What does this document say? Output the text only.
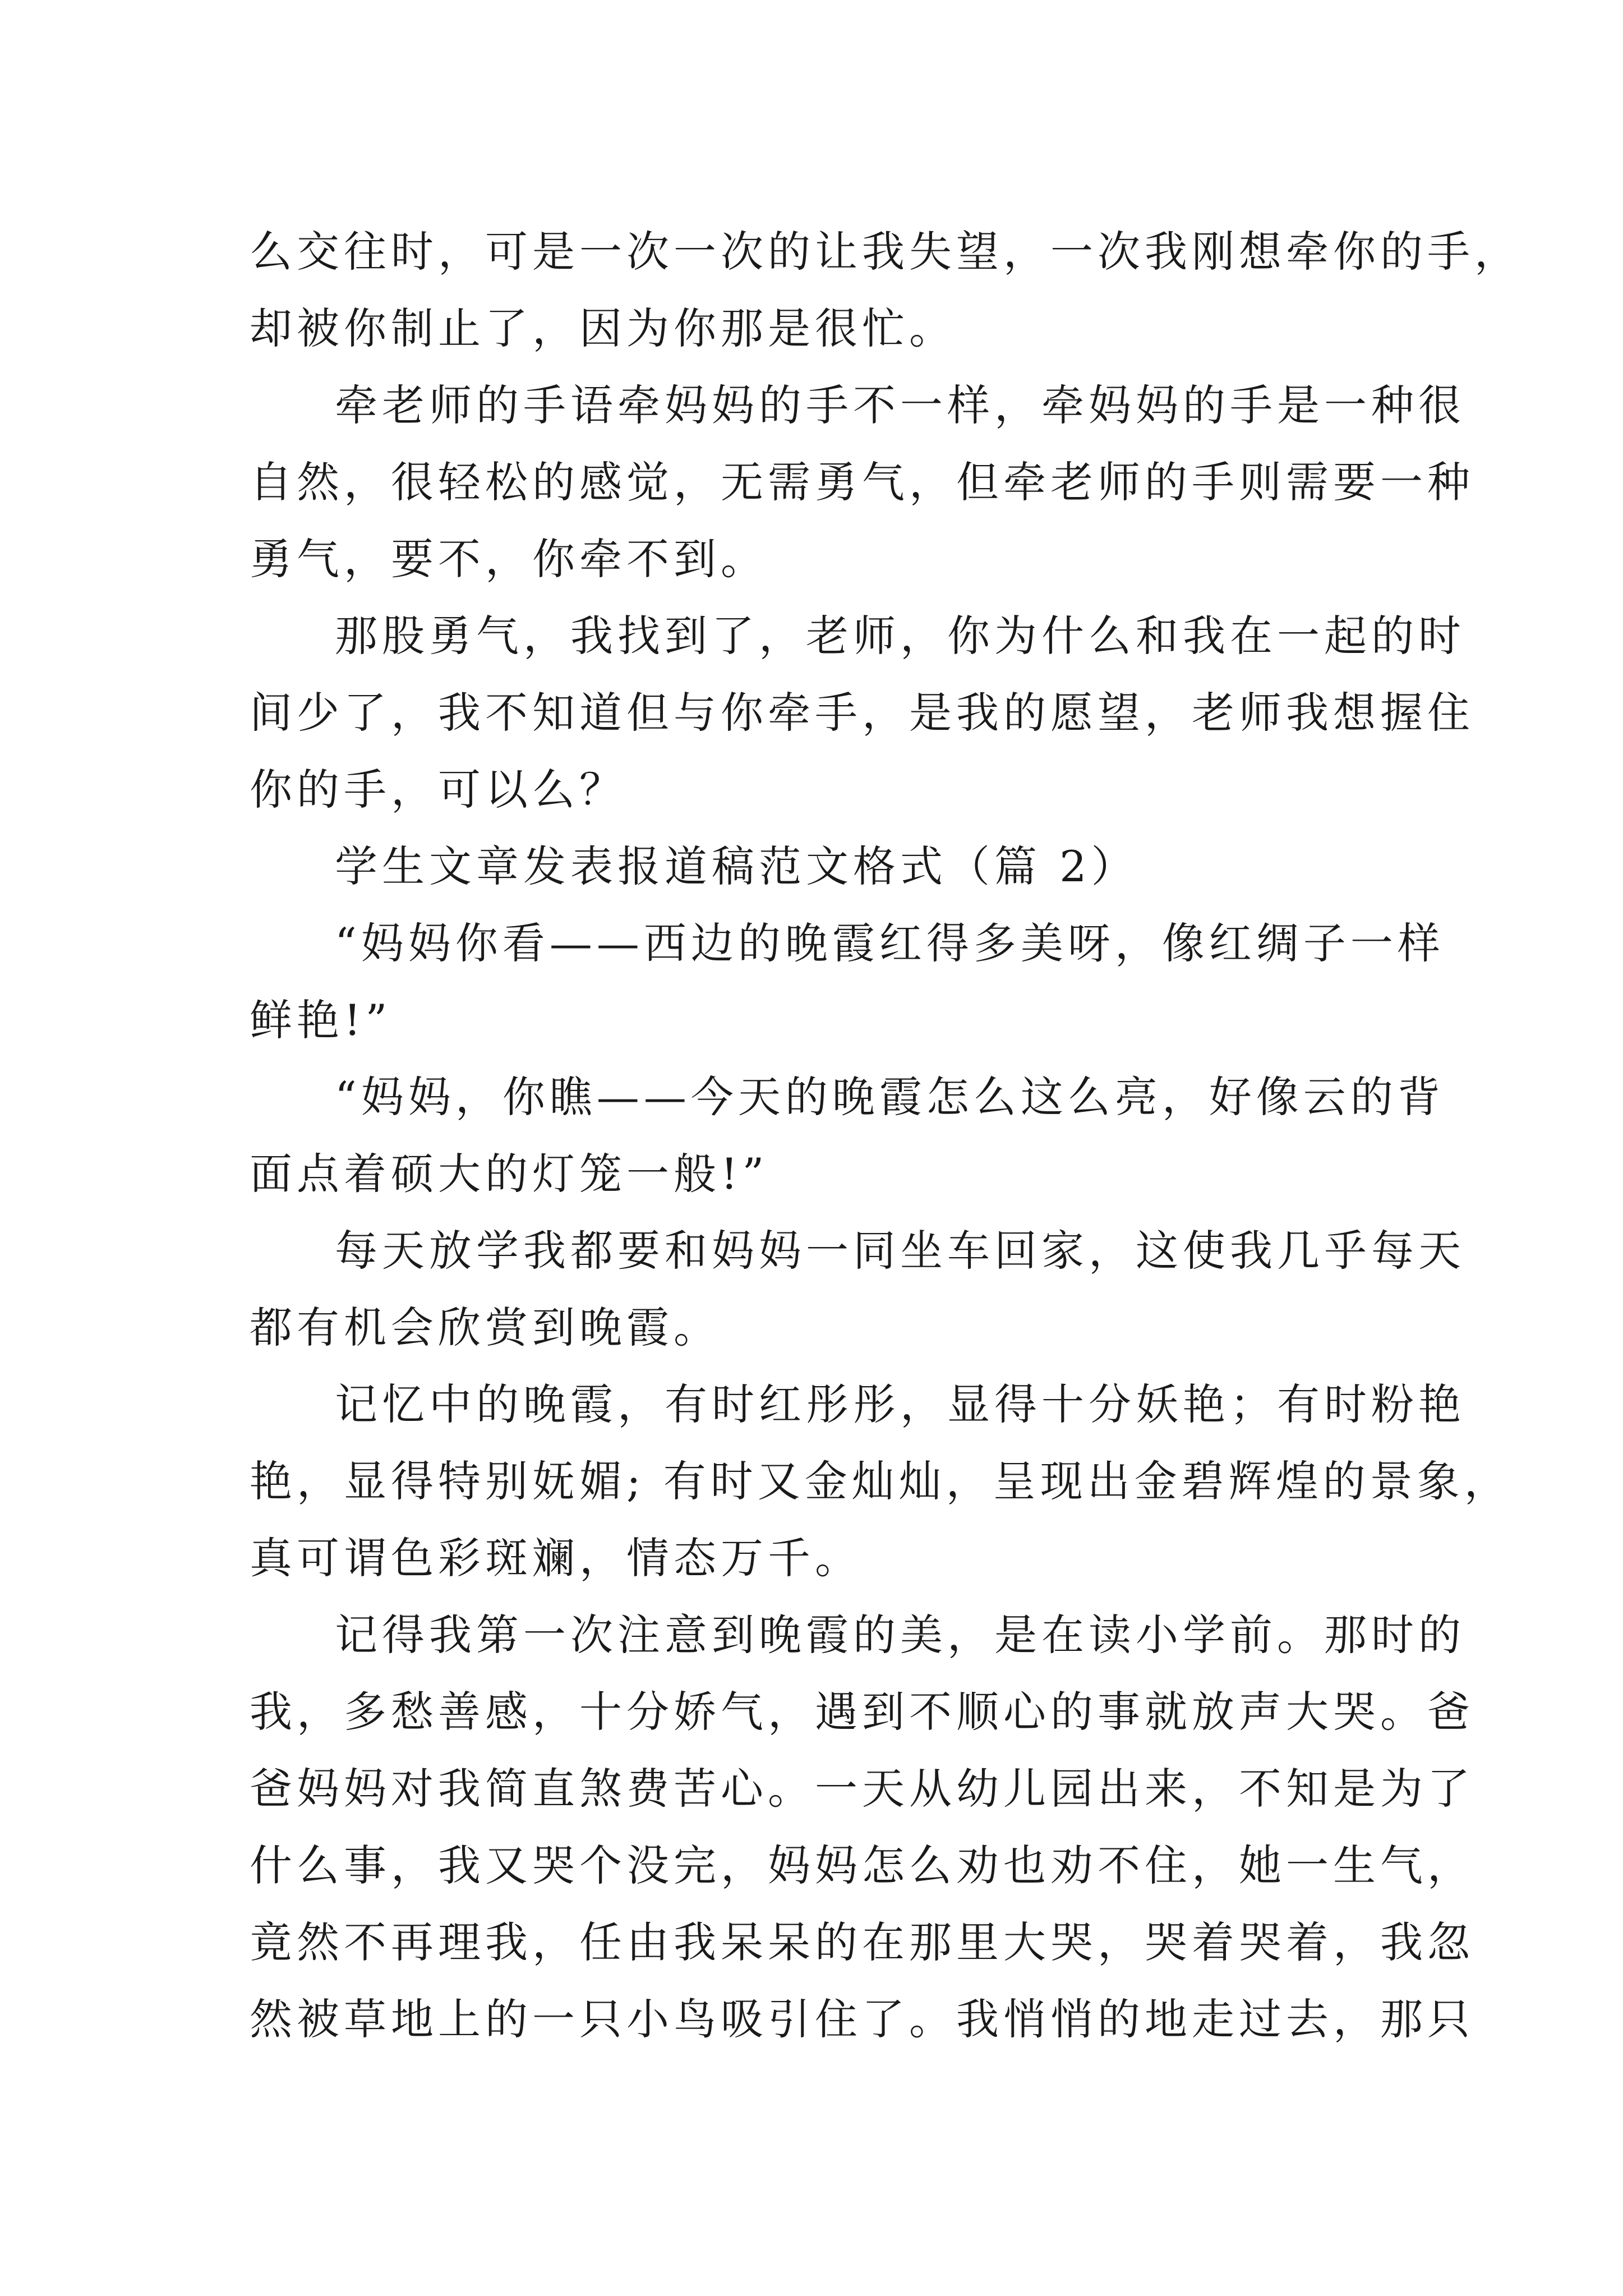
么交往时，可是一次一次的让我失望，一次我刚想牵你的手，
却被你制止了，因为你那是很忙。

牵老师的手语牵妈妈的手不一样，牵妈妈的手是一种很
自然，很轻松的感觉，无需勇气，但牵老师的手则需要一种
勇气，要不，你牵不到。

那股勇气，我找到了，老师，你为什么和我在一起的时
间少了，我不知道但与你牵手，是我的愿望，老师我想握住
你的手，可以么？

学生文章发表报道稿范文格式（篇 2）

“妈妈你看——西边的晚霞红得多美呀，像红绸子一样
鲜艳!”

“妈妈，你瞧——今天的晚霞怎么这么亮，好像云的背
面点着硕大的灯笼一般!”

每天放学我都要和妈妈一同坐车回家，这使我几乎每天
都有机会欣赏到晚霞。

记忆中的晚霞，有时红彤彤，显得十分妖艳；有时粉艳
艳，显得特别妩媚; 有时又金灿灿，呈现出金碧辉煌的景象，
真可谓色彩斑斓，情态万千。

记得我第一次注意到晚霞的美，是在读小学前。那时的
我，多愁善感，十分娇气，遇到不顺心的事就放声大哭。爸
爸妈妈对我简直煞费苦心。一天从幼儿园出来，不知是为了
什么事，我又哭个没完，妈妈怎么劝也劝不住，她一生气，
竟然不再理我，任由我呆呆的在那里大哭，哭着哭着，我忽
然被草地上的一只小鸟吸引住了。我悄悄的地走过去，那只
